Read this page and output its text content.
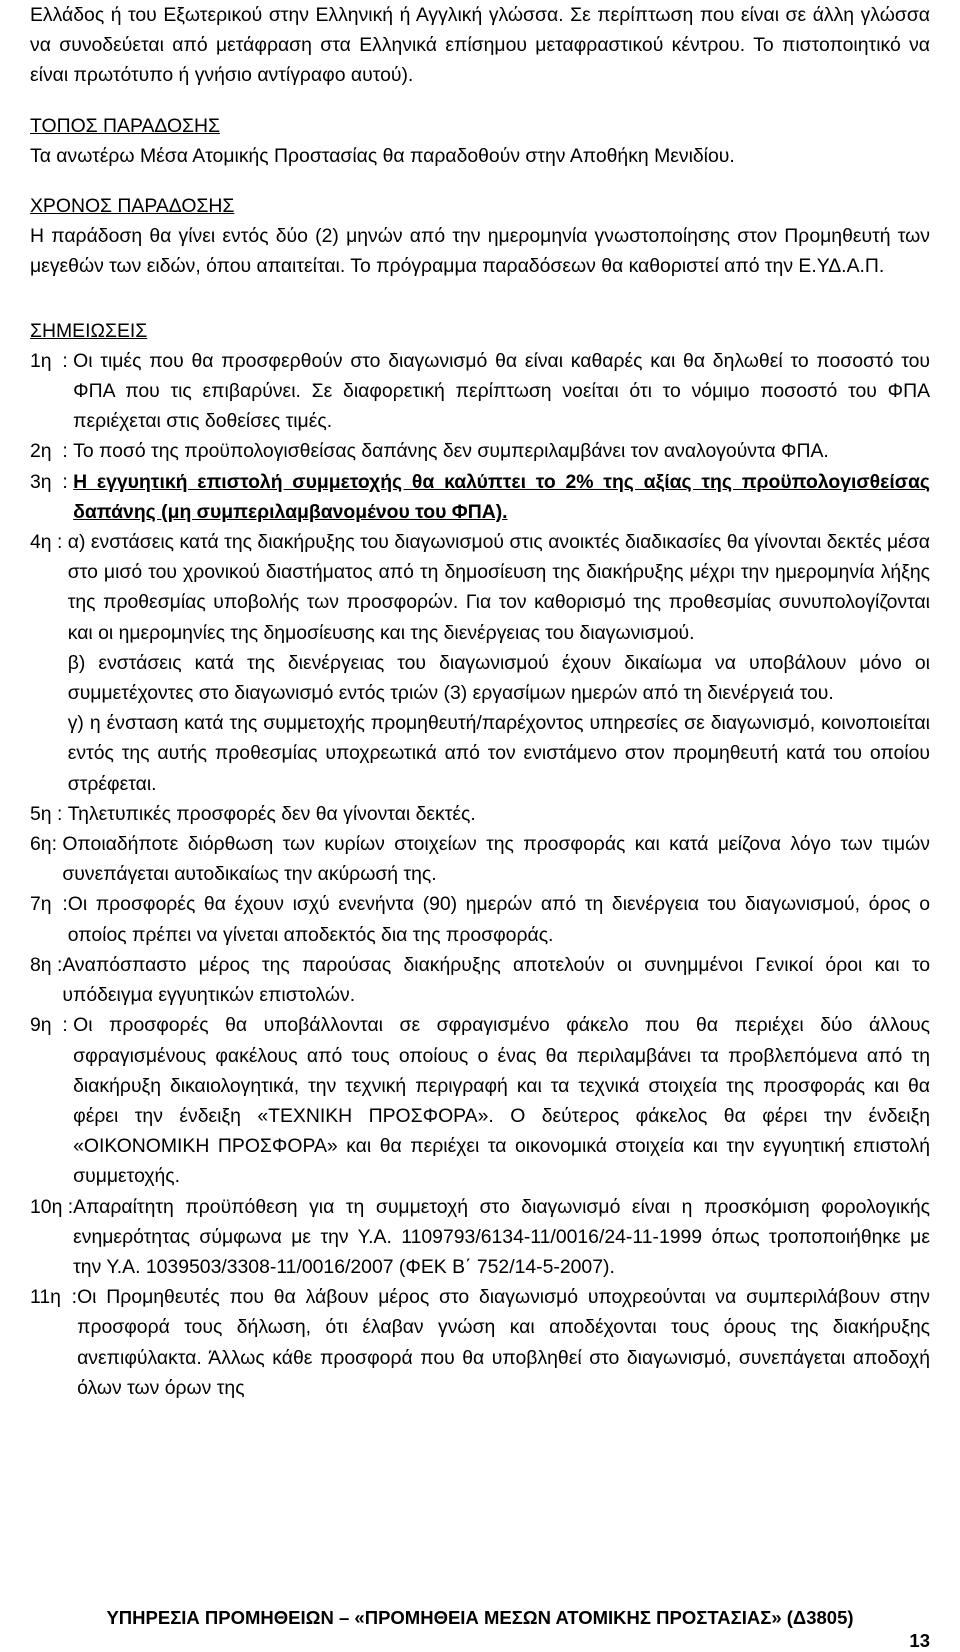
Ελλάδος ή του Εξωτερικού στην Ελληνική ή Αγγλική γλώσσα. Σε περίπτωση που είναι σε άλλη γλώσσα να συνοδεύεται από μετάφραση στα Ελληνικά επίσημου μεταφραστικού κέντρου. Το πιστοποιητικό να είναι πρωτότυπο ή γνήσιο αντίγραφο αυτού).

ΤΟΠΟΣ ΠΑΡΑΔΟΣΗΣ

Τα ανωτέρω Μέσα Ατομικής Προστασίας θα παραδοθούν στην Αποθήκη Μενιδίου.

ΧΡΟΝΟΣ ΠΑΡΑΔΟΣΗΣ

Η παράδοση θα γίνει εντός δύο (2) μηνών από την ημερομηνία γνωστοποίησης στον Προμηθευτή των μεγεθών των ειδών, όπου απαιτείται. Το πρόγραμμα παραδόσεων θα καθοριστεί από την Ε.ΥΔ.Α.Π.

ΣΗΜΕΙΩΣΕΙΣ

1η  : Οι τιμές που θα προσφερθούν στο διαγωνισμό θα είναι καθαρές και θα δηλωθεί το ποσοστό του ΦΠΑ που τις επιβαρύνει. Σε διαφορετική περίπτωση νοείται ότι το νόμιμο ποσοστό του ΦΠΑ περιέχεται στις δοθείσες τιμές.
2η  : Το ποσό της προϋπολογισθείσας δαπάνης δεν συμπεριλαμβάνει τον αναλογούντα ΦΠΑ.
3η  : Η εγγυητική επιστολή συμμετοχής θα καλύπτει το 2% της αξίας της προϋπολογισθείσας δαπάνης (μη συμπεριλαμβανομένου του ΦΠΑ).
4η : α) ενστάσεις κατά της διακήρυξης του διαγωνισμού στις ανοικτές διαδικασίες θα γίνονται δεκτές μέσα στο μισό του χρονικού διαστήματος από τη δημοσίευση της διακήρυξης μέχρι την ημερομηνία λήξης της προθεσμίας υποβολής των προσφορών. Για τον καθορισμό της προθεσμίας συνυπολογίζονται και οι ημερομηνίες της δημοσίευσης και της διενέργειας του διαγωνισμού.
β) ενστάσεις κατά της διενέργειας του διαγωνισμού έχουν δικαίωμα να υποβάλουν μόνο οι συμμετέχοντες στο διαγωνισμό εντός τριών (3) εργασίμων ημερών από τη διενέργειά του.
γ) η ένσταση κατά της συμμετοχής προμηθευτή/παρέχοντος υπηρεσίες σε διαγωνισμό, κοινοποιείται εντός της αυτής προθεσμίας υποχρεωτικά από τον ενιστάμενο στον προμηθευτή κατά του οποίου στρέφεται.
5η : Τηλετυπικές προσφορές δεν θα γίνονται δεκτές.
6η: Οποιαδήποτε διόρθωση των κυρίων στοιχείων της προσφοράς και κατά μείζονα λόγο των τιμών συνεπάγεται αυτοδικαίως την ακύρωσή της.
7η  : Οι προσφορές θα έχουν ισχύ ενενήντα (90) ημερών από τη διενέργεια του διαγωνισμού, όρος ο οποίος πρέπει να γίνεται αποδεκτός δια της προσφοράς.
8η : Αναπόσπαστο μέρος της παρούσας διακήρυξης αποτελούν οι συνημμένοι Γενικοί όροι και το υπόδειγμα εγγυητικών επιστολών.
9η  : Οι προσφορές θα υποβάλλονται σε σφραγισμένο φάκελο που θα περιέχει δύο άλλους σφραγισμένους φακέλους από τους οποίους ο ένας θα περιλαμβάνει τα προβλεπόμενα από τη διακήρυξη δικαιολογητικά, την τεχνική περιγραφή και τα τεχνικά στοιχεία της προσφοράς και θα φέρει την ένδειξη «ΤΕΧΝΙΚΗ ΠΡΟΣΦΟΡΑ». Ο δεύτερος φάκελος θα φέρει την ένδειξη «ΟΙΚΟΝΟΜΙΚΗ ΠΡΟΣΦΟΡΑ» και θα περιέχει τα οικονομικά στοιχεία και την εγγυητική επιστολή συμμετοχής.
10η : Απαραίτητη προϋπόθεση για τη συμμετοχή στο διαγωνισμό είναι η προσκόμιση φορολογικής ενημερότητας σύμφωνα με την Υ.Α. 1109793/6134-11/0016/24-11-1999 όπως τροποποιήθηκε με την Υ.Α. 1039503/3308-11/0016/2007 (ΦΕΚ Β΄ 752/14-5-2007).
11η  : Οι Προμηθευτές που θα λάβουν μέρος στο διαγωνισμό υποχρεούνται να συμπεριλάβουν στην προσφορά τους δήλωση, ότι έλαβαν γνώση και αποδέχονται τους όρους της διακήρυξης ανεπιφύλακτα. Άλλως κάθε προσφορά που θα υποβληθεί στο διαγωνισμό, συνεπάγεται αποδοχή όλων των όρων της
ΥΠΗΡΕΣΙΑ ΠΡΟΜΗΘΕΙΩΝ – «ΠΡΟΜΗΘΕΙΑ ΜΕΣΩΝ ΑΤΟΜΙΚΗΣ ΠΡΟΣΤΑΣΙΑΣ» (Δ3805)
13
